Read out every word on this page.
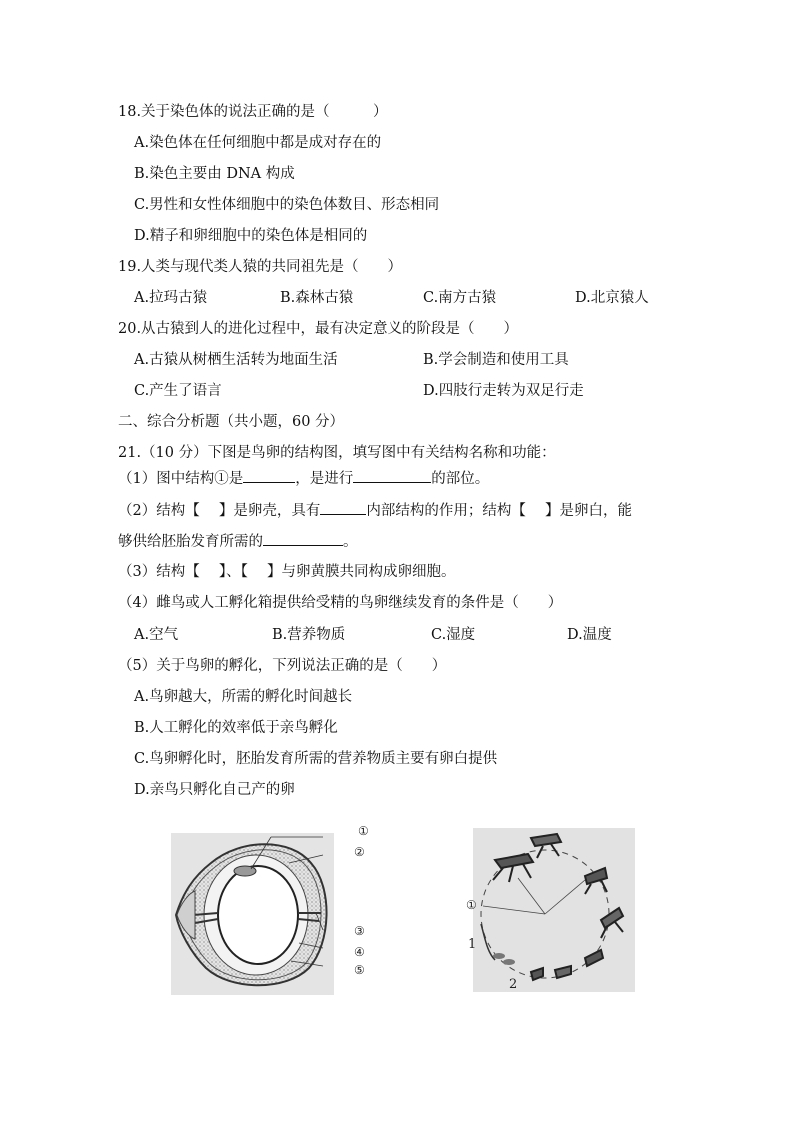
18.关于染色体的说法正确的是（　　　）
A.染色体在任何细胞中都是成对存在的
B.染色主要由 DNA 构成
C.男性和女性体细胞中的染色体数目、形态相同
D.精子和卵细胞中的染色体是相同的
19.人类与现代类人猿的共同祖先是（　　）
A.拉玛古猿	B.森林古猿	C.南方古猿	D.北京猿人
20.从古猿到人的进化过程中，最有决定意义的阶段是（　　）
A.古猿从树栖生活转为地面生活	B.学会制造和使用工具
C.产生了语言	D.四肢行走转为双足行走
二、综合分析题（共小题，60 分）
21.（10 分）下图是鸟卵的结构图，填写图中有关结构名称和功能：
（1）图中结构①是	，是进行	的部位。
（2）结构【　 】是卵壳，具有	内部结构的作用；结构【　 】是卵白，能
够供给胚胎发育所需的	。
（3）结构【　 】、【　 】与卵黄膜共同构成卵细胞。
（4）雌鸟或人工孵化箱提供给受精的鸟卵继续发育的条件是（　　）
A.空气	B.营养物质	C.湿度	D.温度
（5）关于鸟卵的孵化，下列说法正确的是（　　）
A.鸟卵越大，所需的孵化时间越长
B.人工孵化的效率低于亲鸟孵化
C.鸟卵孵化时，胚胎发育所需的营养物质主要有卵白提供
D.亲鸟只孵化自己产的卵
①
②
③
④
⑤
①
1
2
